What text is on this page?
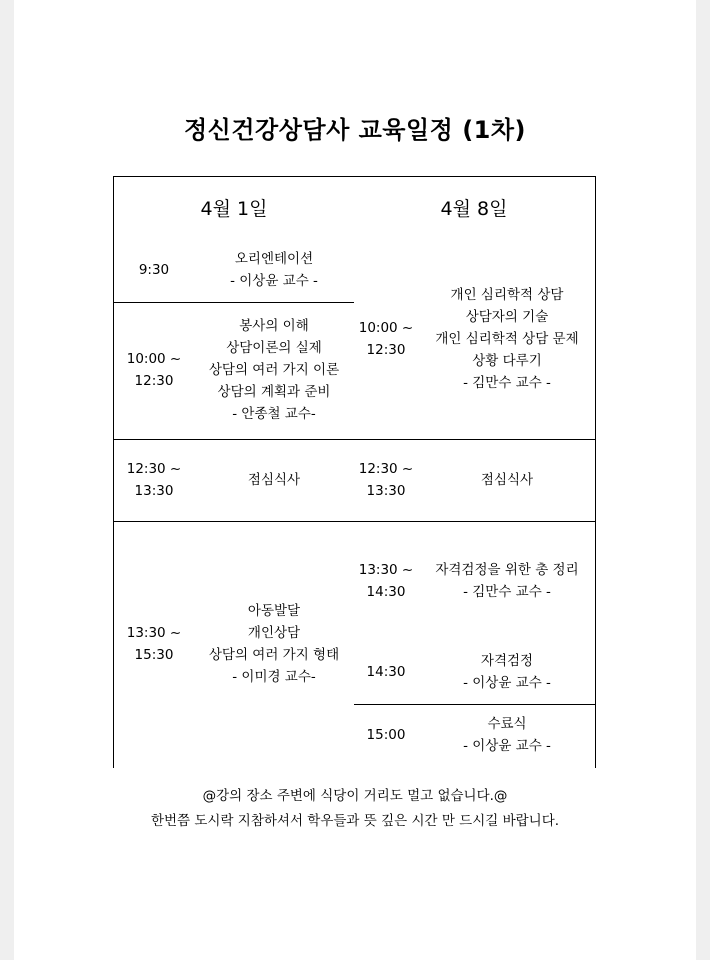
정신건강상담사 교육일정 (1차)
4월 1일	4월 8일
9:30
오리엔테이션
- 이상윤 교수 -
10:00 ~
12:30
봉사의 이해
상담이론의 실제
상담의 여러 가지 이론
상담의 계획과 준비
- 안종철 교수-
12:30 ~
13:30
점심식사
13:30 ~
15:30
아동발달
개인상담
상담의 여러 가지 형태
- 이미경 교수-
10:00 ~
12:30
개인 심리학적 상담
상담자의 기술
개인 심리학적 상담 문제
상황 다루기
- 김만수 교수 -
12:30 ~
13:30
점심식사
13:30 ~
14:30
자격검정을 위한 총 정리
- 김만수 교수 -
14:30
자격검정
- 이상윤 교수 -
15:00
수료식
- 이상윤 교수 -
@강의 장소 주변에 식당이 거리도 멀고 없습니다.@
한번쯤 도시락 지참하셔서 학우들과 뜻 깊은 시간 만 드시길 바랍니다.
